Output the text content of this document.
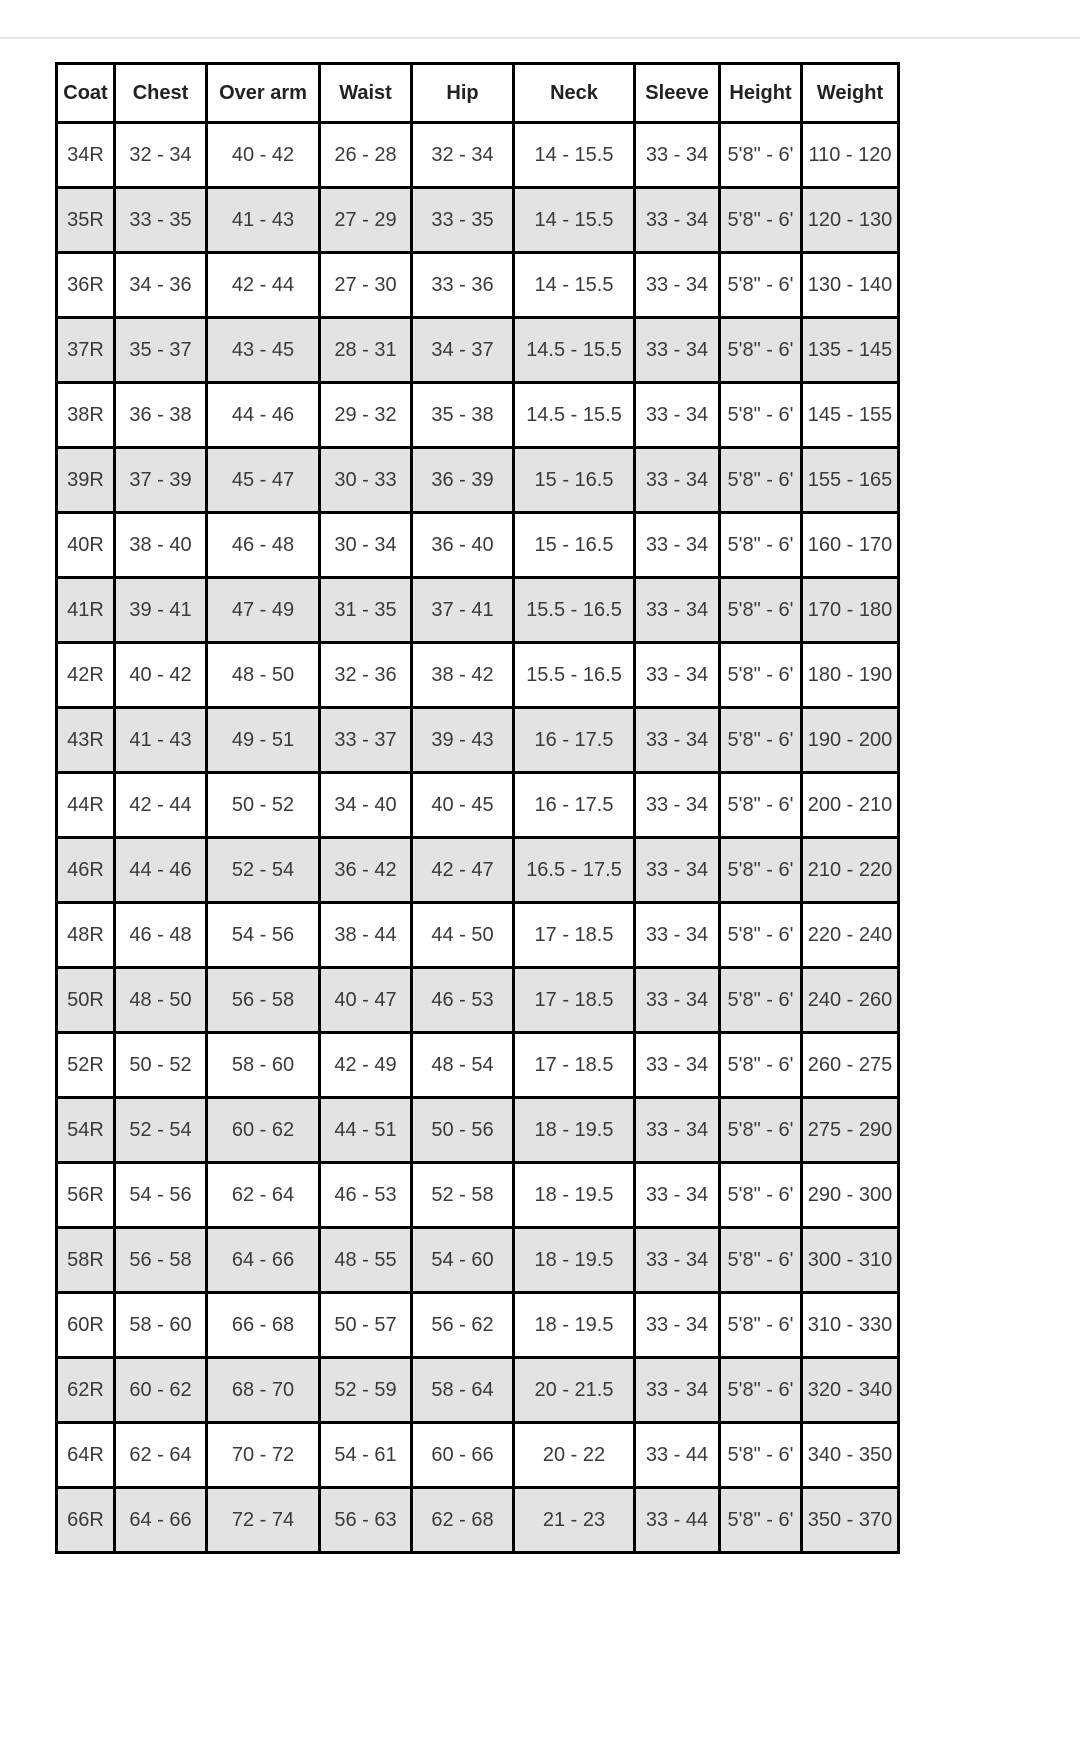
Coat	Chest	Over arm	Waist	Hip	Neck	Sleeve	Height	Weight
34R	32 - 34	40 - 42	26 - 28	32 - 34	14 - 15.5	33 - 34	5'8" - 6'	110 - 120
35R	33 - 35	41 - 43	27 - 29	33 - 35	14 - 15.5	33 - 34	5'8" - 6'	120 - 130
36R	34 - 36	42 - 44	27 - 30	33 - 36	14 - 15.5	33 - 34	5'8" - 6'	130 - 140
37R	35 - 37	43 - 45	28 - 31	34 - 37	14.5 - 15.5	33 - 34	5'8" - 6'	135 - 145
38R	36 - 38	44 - 46	29 - 32	35 - 38	14.5 - 15.5	33 - 34	5'8" - 6'	145 - 155
39R	37 - 39	45 - 47	30 - 33	36 - 39	15 - 16.5	33 - 34	5'8" - 6'	155 - 165
40R	38 - 40	46 - 48	30 - 34	36 - 40	15 - 16.5	33 - 34	5'8" - 6'	160 - 170
41R	39 - 41	47 - 49	31 - 35	37 - 41	15.5 - 16.5	33 - 34	5'8" - 6'	170 - 180
42R	40 - 42	48 - 50	32 - 36	38 - 42	15.5 - 16.5	33 - 34	5'8" - 6'	180 - 190
43R	41 - 43	49 - 51	33 - 37	39 - 43	16 - 17.5	33 - 34	5'8" - 6'	190 - 200
44R	42 - 44	50 - 52	34 - 40	40 - 45	16 - 17.5	33 - 34	5'8" - 6'	200 - 210
46R	44 - 46	52 - 54	36 - 42	42 - 47	16.5 - 17.5	33 - 34	5'8" - 6'	210 - 220
48R	46 - 48	54 - 56	38 - 44	44 - 50	17 - 18.5	33 - 34	5'8" - 6'	220 - 240
50R	48 - 50	56 - 58	40 - 47	46 - 53	17 - 18.5	33 - 34	5'8" - 6'	240 - 260
52R	50 - 52	58 - 60	42 - 49	48 - 54	17 - 18.5	33 - 34	5'8" - 6'	260 - 275
54R	52 - 54	60 - 62	44 - 51	50 - 56	18 - 19.5	33 - 34	5'8" - 6'	275 - 290
56R	54 - 56	62 - 64	46 - 53	52 - 58	18 - 19.5	33 - 34	5'8" - 6'	290 - 300
58R	56 - 58	64 - 66	48 - 55	54 - 60	18 - 19.5	33 - 34	5'8" - 6'	300 - 310
60R	58 - 60	66 - 68	50 - 57	56 - 62	18 - 19.5	33 - 34	5'8" - 6'	310 - 330
62R	60 - 62	68 - 70	52 - 59	58 - 64	20 - 21.5	33 - 34	5'8" - 6'	320 - 340
64R	62 - 64	70 - 72	54 - 61	60 - 66	20 - 22	33 - 44	5'8" - 6'	340 - 350
66R	64 - 66	72 - 74	56 - 63	62 - 68	21 - 23	33 - 44	5'8" - 6'	350 - 370
